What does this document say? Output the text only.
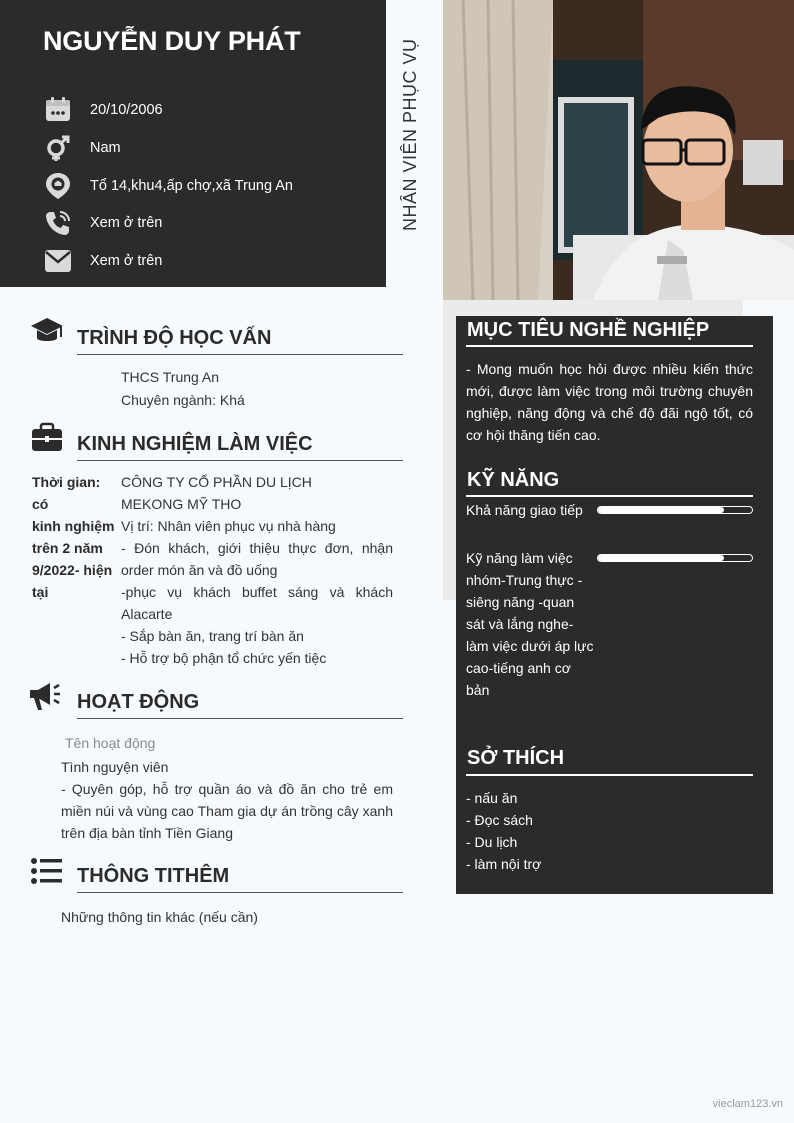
NGUYỄN DUY PHÁT
20/10/2006
Nam
Tổ 14,khu4,ấp chợ,xã Trung An
Xem ở trên
Xem ở trên
NHÂN VIÊN PHỤC VỤ
MỤC TIÊU NGHỀ NGHIỆP
- Mong muốn học hỏi được nhiều kiến thức mới, được làm việc trong môi trường chuyên nghiệp, năng động và chế độ đãi ngộ tốt, có cơ hội thăng tiến cao.
KỸ NĂNG
Khả năng giao tiếp
Kỹ năng làm việc
nhóm-Trung thực -
siêng năng -quan
sát và lắng nghe-
làm việc dưới áp lực
cao-tiếng anh cơ
bản
SỞ THÍCH
- nấu ăn
- Đọc sách
- Du lịch
- làm nội trợ
TRÌNH ĐỘ HỌC VẤN
THCS Trung An
Chuyên ngành: Khá
KINH NGHIỆM LÀM VIỆC
Thời gian: có
kinh nghiệm
trên 2 năm
9/2022- hiện
tại
CÔNG TY CỔ PHẦN DU LỊCH
MEKONG MỸ THO
Vị trí: Nhân viên phục vụ nhà hàng
- Đón khách, giới thiệu thực đơn, nhận order món ăn và đồ uống
-phục vụ khách buffet sáng và khách Alacarte
- Sắp bàn ăn, trang trí bàn ăn
- Hỗ trợ bộ phận tổ chức yến tiệc
HOẠT ĐỘNG
Tên hoạt động
Tình nguyện viên
- Quyên góp, hỗ trợ quần áo và đồ ăn cho trẻ em miền núi và vùng cao Tham gia dự án trồng cây xanh trên địa bàn tỉnh Tiền Giang
THÔNG TITHÊM
Những thông tin khác (nếu cần)
vieclam123.vn
